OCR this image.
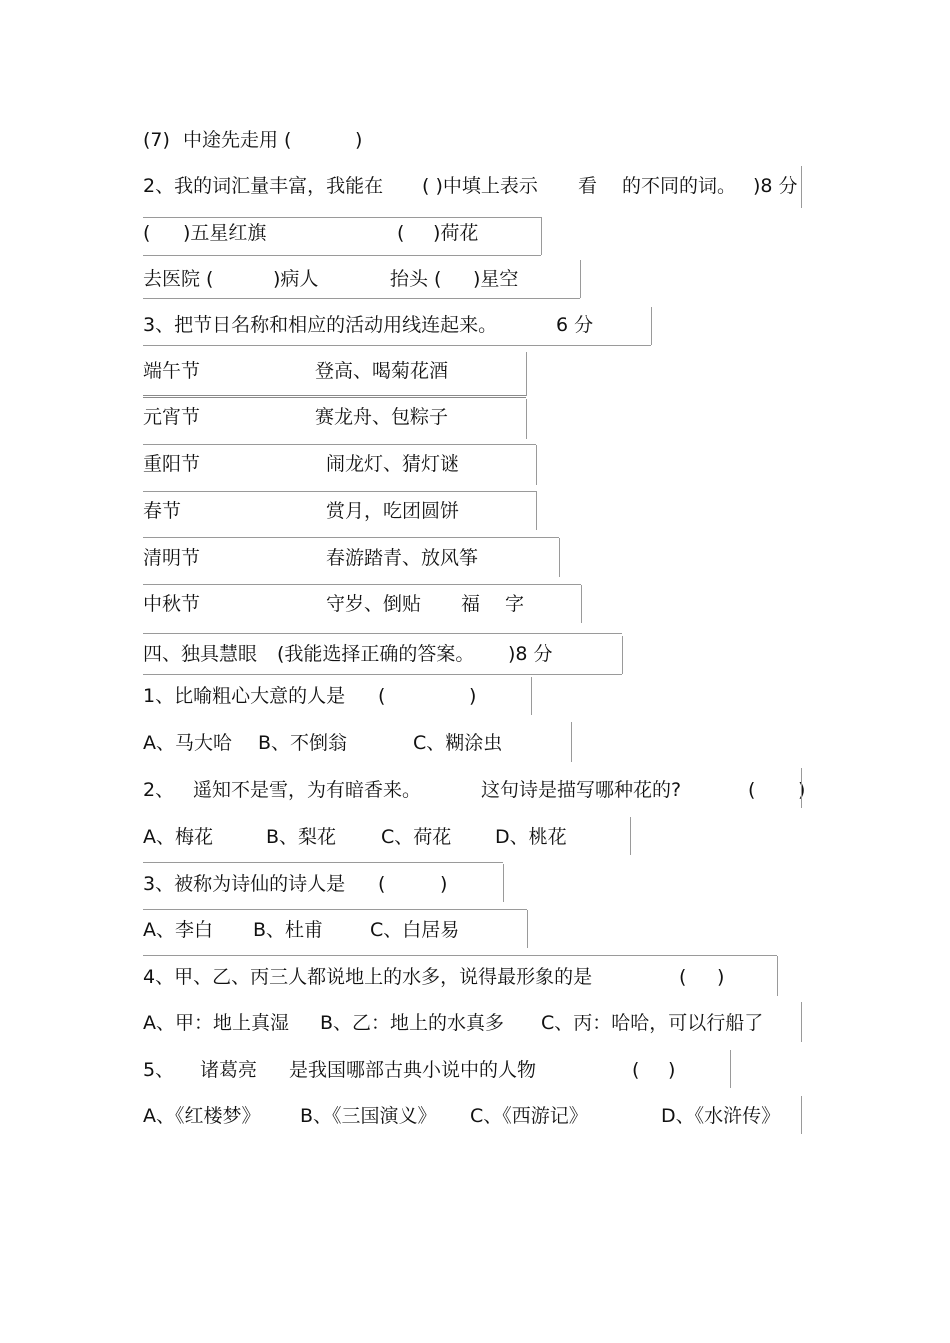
(7) 中途先走用 (	)
2、我的词汇量丰富，我能在 ( )中填上表示 看 的不同的词。 )8 分
( )五星红旗	( )荷花
去医院 (	)病人	抬头 ( )星空
3、把节日名称和相应的活动用线连起来。	6 分
端午节	登高、喝菊花酒
元宵节	赛龙舟、包粽子
重阳节	闹龙灯、猜灯谜
春节	赏月，吃团圆饼
清明节	春游踏青、放风筝
中秋节	守岁、倒贴 福 字
四、独具慧眼 (我能选择正确的答案。 )8 分
1、比喻粗心大意的人是 (	)
A、马大哈 B、不倒翁	C、糊涂虫
2、 遥知不是雪，为有暗香来。	这句诗是描写哪种花的?	( )
A、梅花	B、梨花 C、荷花 D、桃花
3、被称为诗仙的诗人是 (	)
A、李白 B、杜甫 C、白居易
4、甲、乙、丙三人都说地上的水多，说得最形象的是	( )
A、甲：地上真湿 B、乙：地上的水真多 C、丙：哈哈，可以行船了
5、 诸葛亮 是我国哪部古典小说中的人物	( )
A、《红楼梦》 B、《三国演义》 C、《西游记》	D、《水浒传》
